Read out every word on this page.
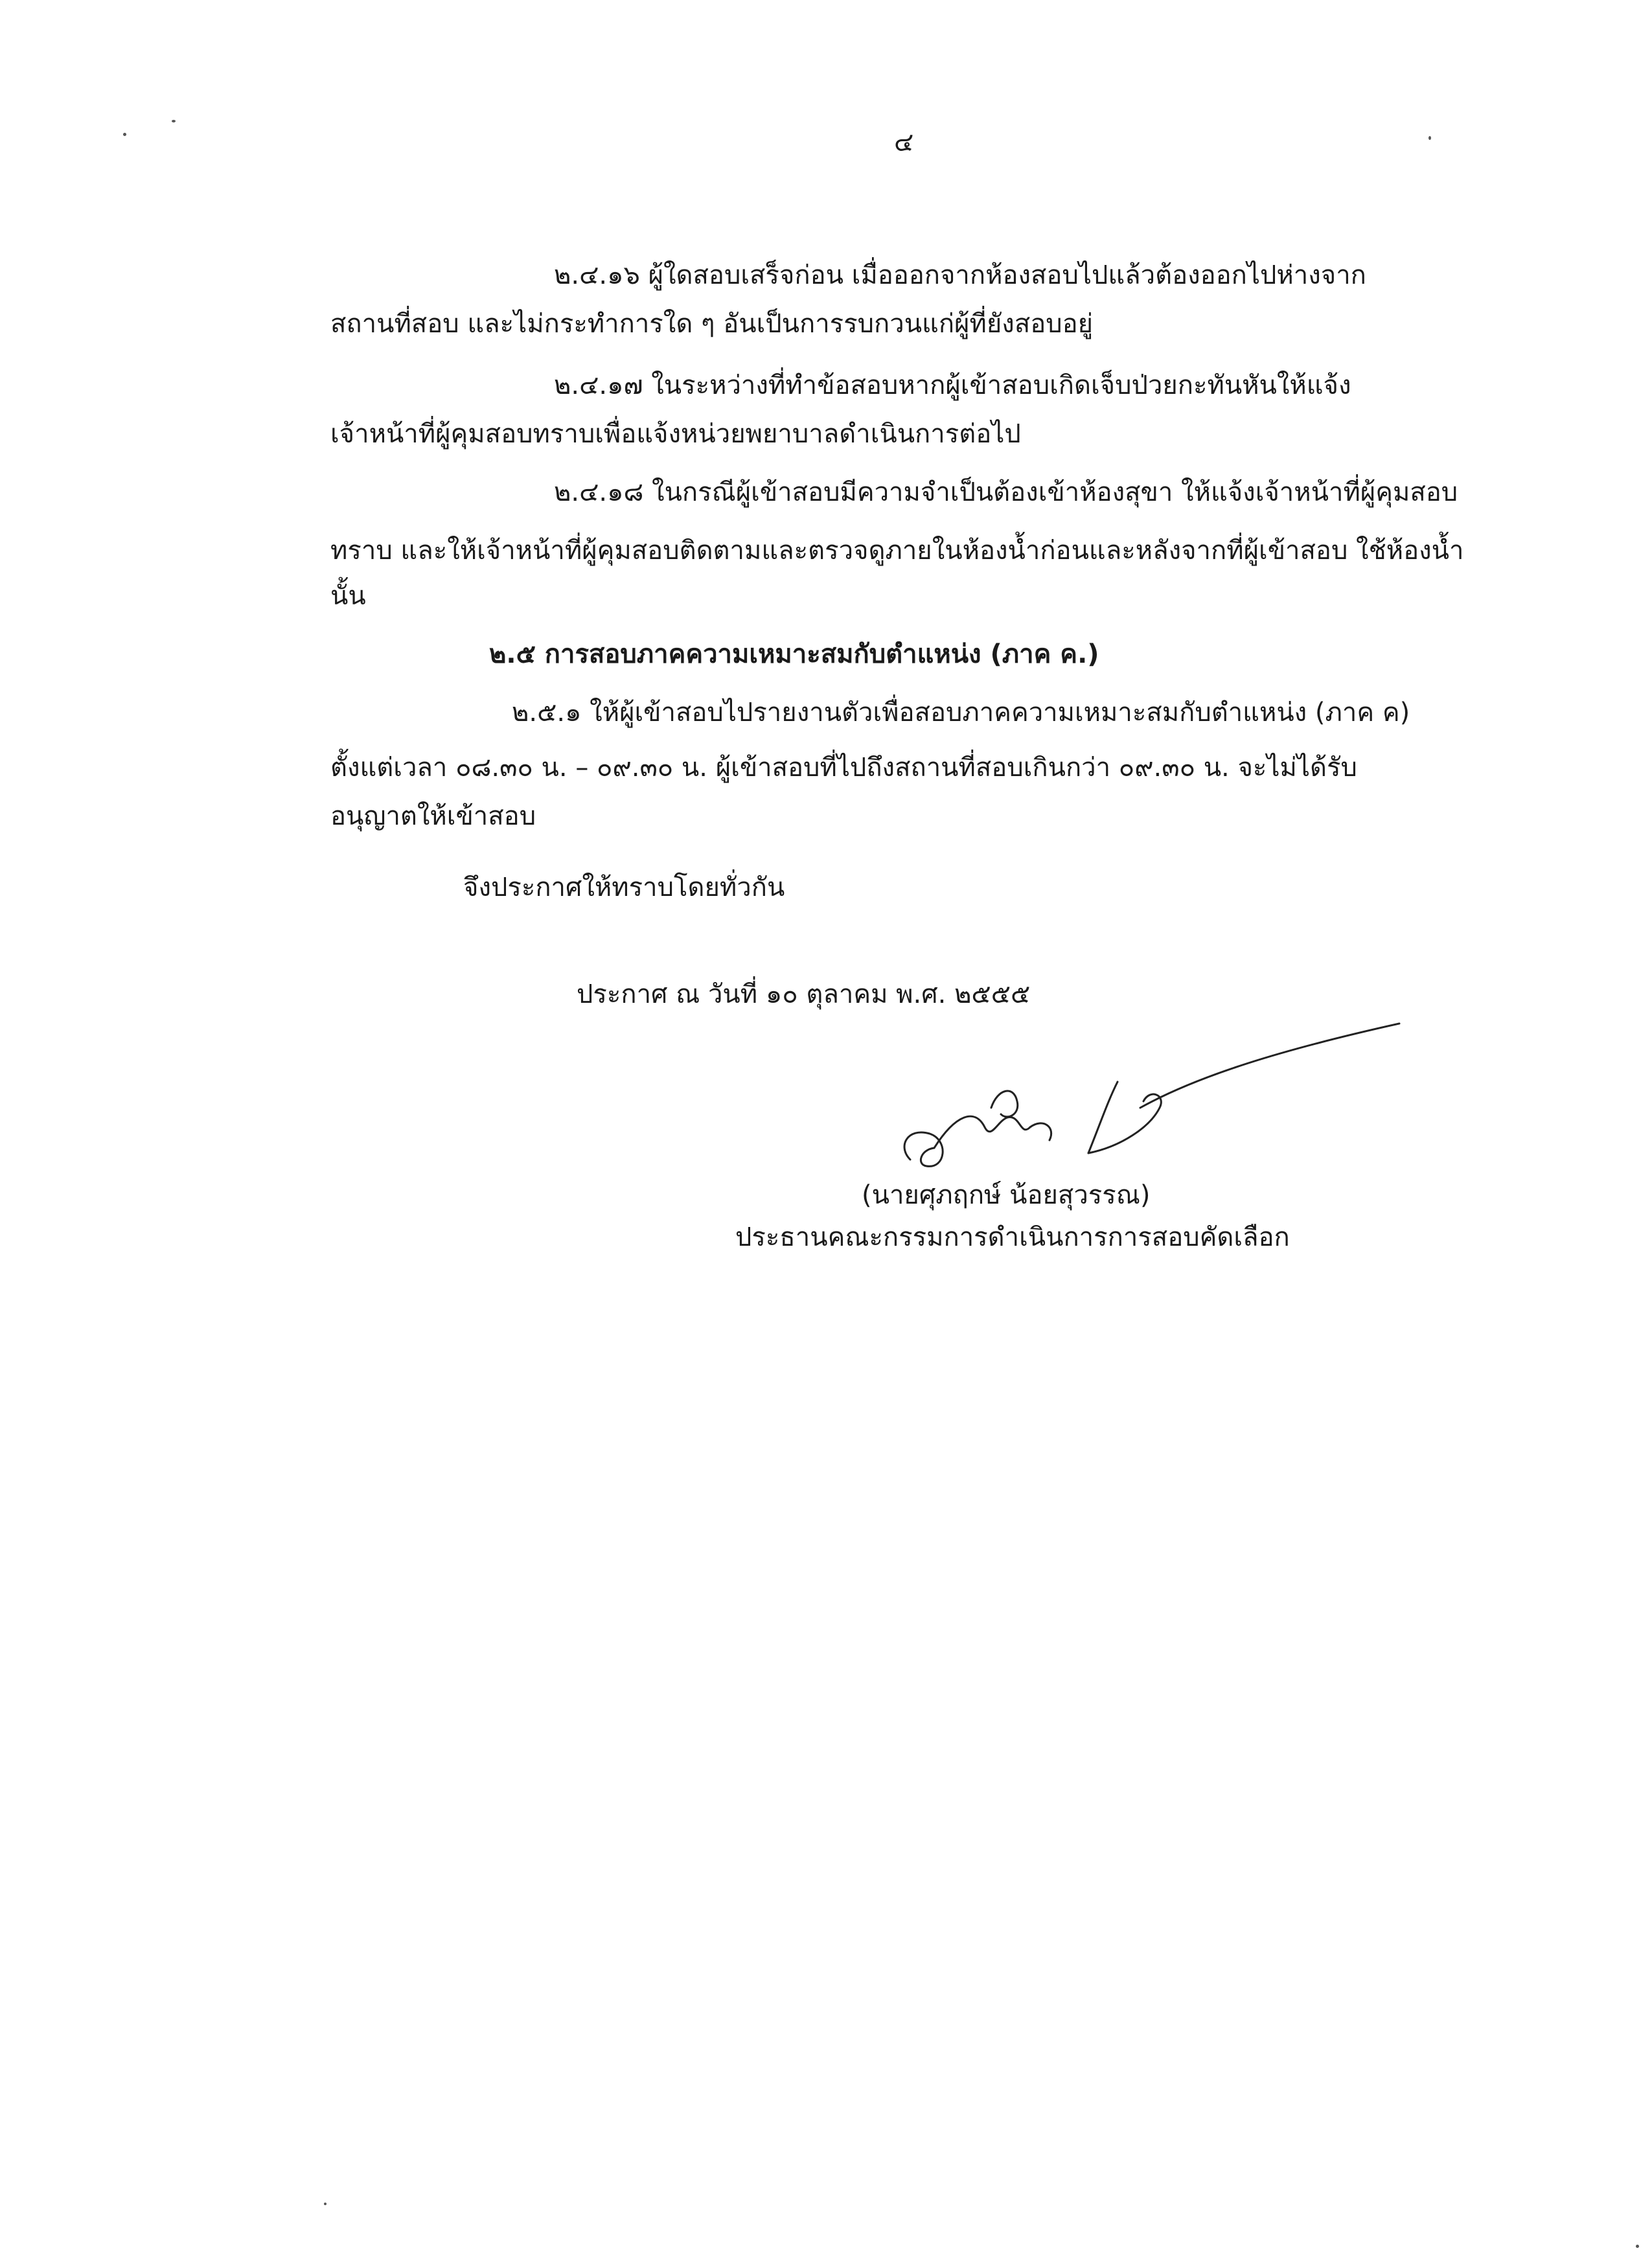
๔
๒.๔.๑๖ ผู้ใดสอบเสร็จก่อน เมื่อออกจากห้องสอบไปแล้วต้องออกไปห่างจาก
สถานที่สอบ และไม่กระทำการใด ๆ อันเป็นการรบกวนแก่ผู้ที่ยังสอบอยู่
๒.๔.๑๗ ในระหว่างที่ทำข้อสอบหากผู้เข้าสอบเกิดเจ็บป่วยกะทันหันให้แจ้ง
เจ้าหน้าที่ผู้คุมสอบทราบเพื่อแจ้งหน่วยพยาบาลดำเนินการต่อไป
๒.๔.๑๘ ในกรณีผู้เข้าสอบมีความจำเป็นต้องเข้าห้องสุขา ให้แจ้งเจ้าหน้าที่ผู้คุมสอบ
ทราบ และให้เจ้าหน้าที่ผู้คุมสอบติดตามและตรวจดูภายในห้องน้ำก่อนและหลังจากที่ผู้เข้าสอบ ใช้ห้องน้ำ
นั้น
๒.๕ การสอบภาคความเหมาะสมกับตำแหน่ง (ภาค ค.)
๒.๕.๑ ให้ผู้เข้าสอบไปรายงานตัวเพื่อสอบภาคความเหมาะสมกับตำแหน่ง (ภาค ค)
ตั้งแต่เวลา ๐๘.๓๐ น. – ๐๙.๓๐ น. ผู้เข้าสอบที่ไปถึงสถานที่สอบเกินกว่า ๐๙.๓๐ น. จะไม่ได้รับ
อนุญาตให้เข้าสอบ
จึงประกาศให้ทราบโดยทั่วกัน
ประกาศ ณ วันที่ ๑๐ ตุลาคม พ.ศ. ๒๕๕๕
(นายศุภฤกษ์ น้อยสุวรรณ)
ประธานคณะกรรมการดำเนินการการสอบคัดเลือก
